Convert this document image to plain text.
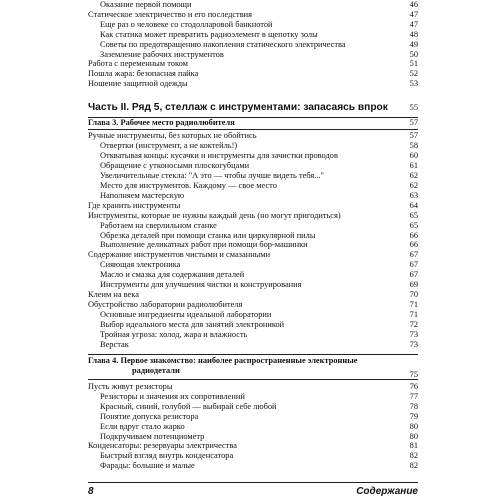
Оказание первой помощи	46
Статическое электричество и его последствия	47
Еще раз о человеке со стодолларовой банкнотой	47
Как статика может превратить радиоэлемент в щепотку золы	48
Советы по предотвращению накопления статического электричества	49
Заземление рабочих инструментов	50
Работа с переменным током	51
Пошла жара: безопасная пайка	52
Ношение защитной одежды	53
Часть II. Ряд 5, стеллаж с инструментами: запасаясь впрок	55
Глава 3. Рабочее место радиолюбителя	57
Ручные инструменты, без которых не обойтись	57
Отвертки (инструмент, а не коктейль!)	58
Откватывая концы: кусачки и инструменты для зачистки проводов	60
Обращение с утконосыми плоскогубцами	61
Увеличительные стекла: "А это — чтобы лучше видеть тебя..."	62
Место для инструментов. Каждому — свое место	62
Наполняем мастерскую	63
Где хранить инструменты	64
Инструменты, которые не нужны каждый день (но могут пригодиться)	65
Работаем на сверлильном станке	65
Обрезка деталей при помощи станка или циркулярной пилы	66
Выполнение деликатных работ при помощи бор-машинки	66
Содержание инструментов чистыми и смазанными	67
Сияющая электроника	67
Масло и смазка для содержания деталей	67
Инструменты для улучшения чистки и конструирования	69
Клеим на века	70
Обустройство лаборатории радиолюбителя	71
Основные ингредиенты идеальной лаборатории	71
Выбор идеального места для занятий электроникой	72
Тройная угроза: холод, жара и влажность	73
Верстак	73
Глава 4. Первое знакомство: наиболее распространенные электронные
радиодетали	75
Пусть живут резисторы	76
Резисторы и значения их сопротивлений	77
Красный, синий, голубой — выбирай себе любой	78
Понятие допуска резистора	79
Если вдруг стало жарко	80
Подкручиваем потенциометр	80
Конденсаторы: резервуары электричества	81
Быстрый взгляд внутрь конденсатора	82
Фарады: большие и малые	82
8	Содержание
